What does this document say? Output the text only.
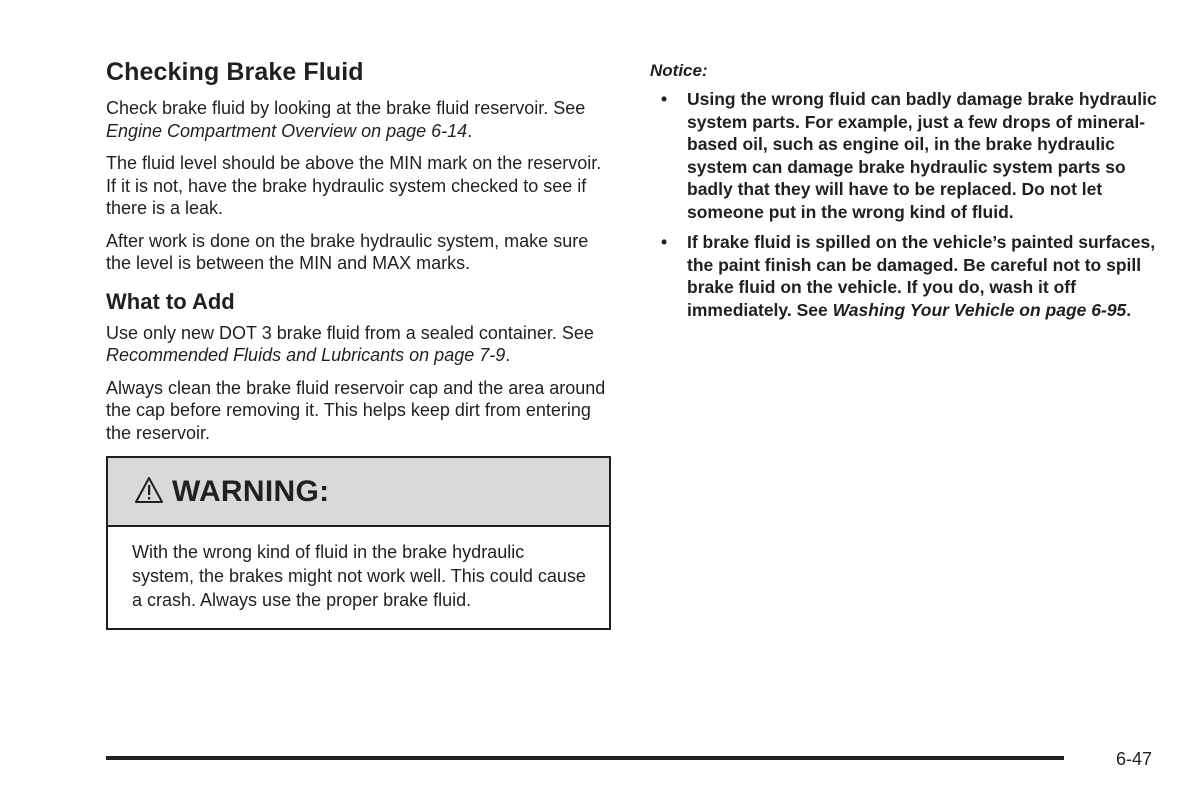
Checking Brake Fluid

Check brake fluid by looking at the brake fluid reservoir. See Engine Compartment Overview on page 6-14.

The fluid level should be above the MIN mark on the reservoir. If it is not, have the brake hydraulic system checked to see if there is a leak.

After work is done on the brake hydraulic system, make sure the level is between the MIN and MAX marks.

What to Add

Use only new DOT 3 brake fluid from a sealed container. See Recommended Fluids and Lubricants on page 7-9.

Always clean the brake fluid reservoir cap and the area around the cap before removing it. This helps keep dirt from entering the reservoir.

WARNING:
With the wrong kind of fluid in the brake hydraulic system, the brakes might not work well. This could cause a crash. Always use the proper brake fluid.
Notice:
• Using the wrong fluid can badly damage brake hydraulic system parts. For example, just a few drops of mineral-based oil, such as engine oil, in the brake hydraulic system can damage brake hydraulic system parts so badly that they will have to be replaced. Do not let someone put in the wrong kind of fluid.
• If brake fluid is spilled on the vehicle’s painted surfaces, the paint finish can be damaged. Be careful not to spill brake fluid on the vehicle. If you do, wash it off immediately. See Washing Your Vehicle on page 6-95.
6-47
